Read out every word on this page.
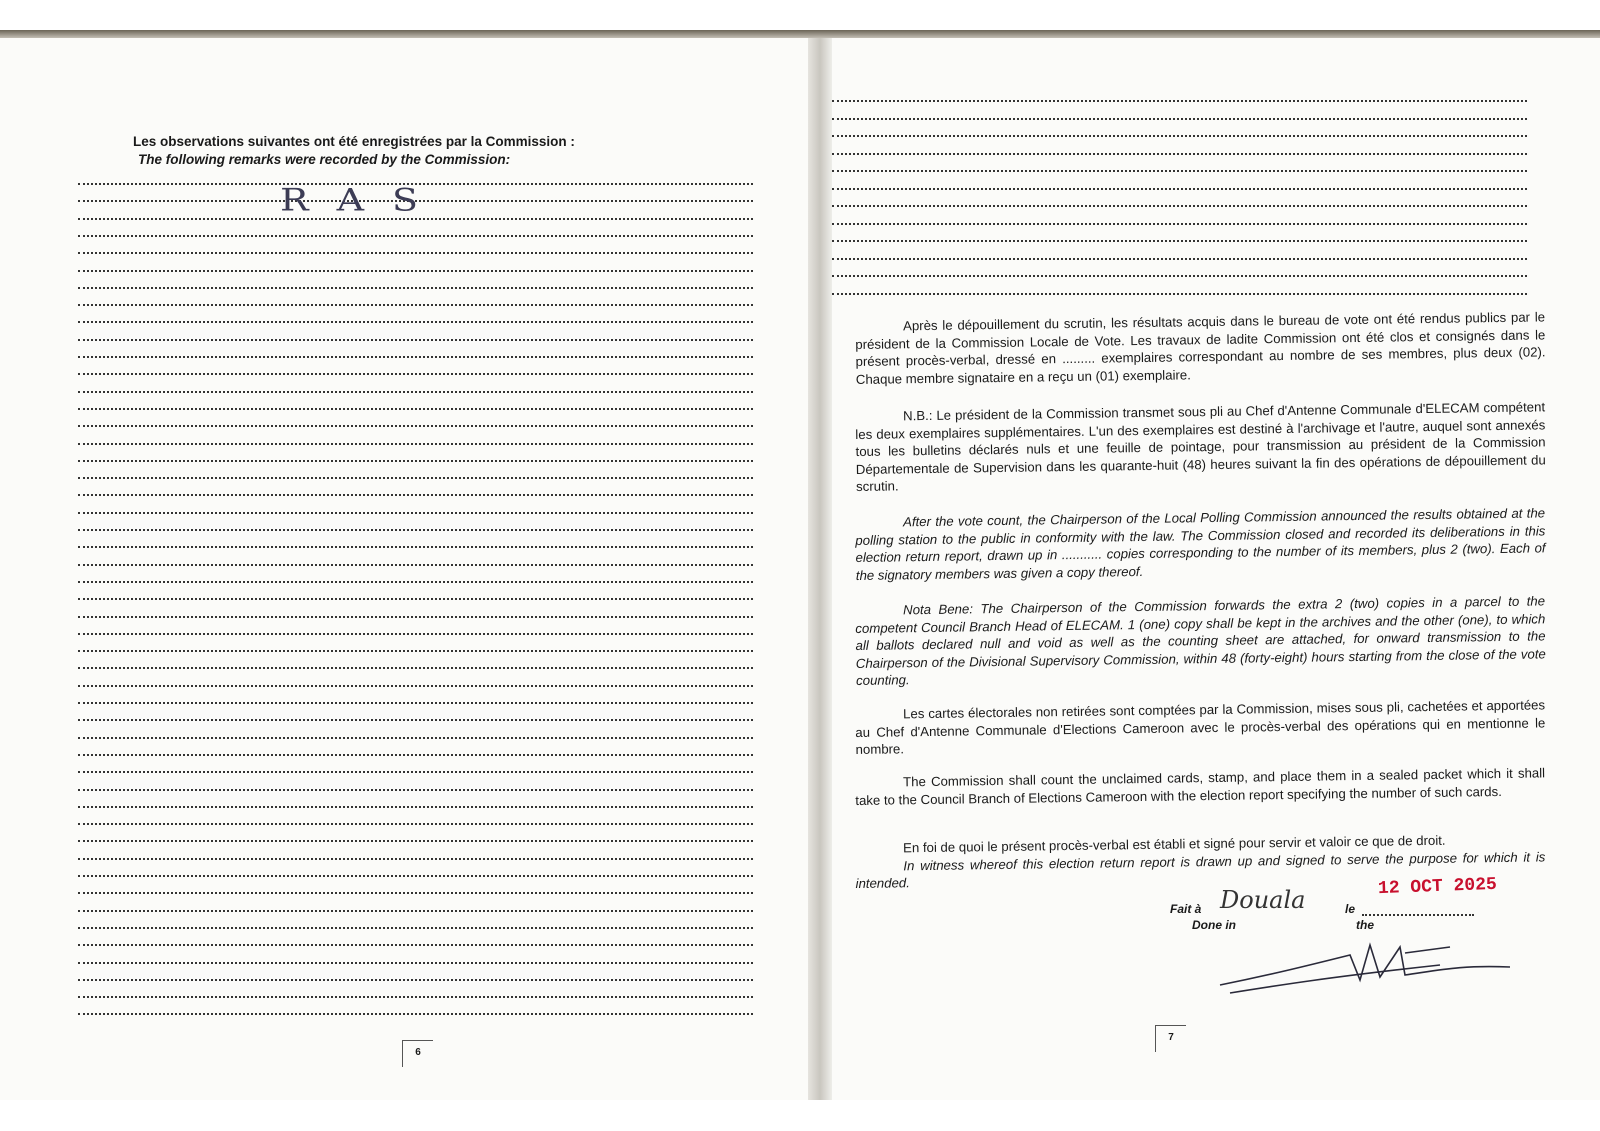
Les observations suivantes ont été enregistrées par la Commission :
The following remarks were recorded by the Commission:
RAS
6
Après le dépouillement du scrutin, les résultats acquis dans le bureau de vote ont été rendus publics par le président de la Commission Locale de Vote. Les travaux de ladite Commission ont été clos et consignés dans le présent procès-verbal, dressé en ......... exemplaires correspondant au nombre de ses membres, plus deux (02). Chaque membre signataire en a reçu un (01) exemplaire.
N.B.: Le président de la Commission transmet sous pli au Chef d'Antenne Communale d'ELECAM compétent les deux exemplaires supplémentaires. L'un des exemplaires est destiné à l'archivage et l'autre, auquel sont annexés tous les bulletins déclarés nuls et une feuille de pointage, pour transmission au président de la Commission Départementale de Supervision dans les quarante-huit (48) heures suivant la fin des opérations de dépouillement du scrutin.
After the vote count, the Chairperson of the Local Polling Commission announced the results obtained at the polling station to the public in conformity with the law. The Commission closed and recorded its deliberations in this election return report, drawn up in ........... copies corresponding to the number of its members, plus 2 (two). Each of the signatory members was given a copy thereof.
Nota Bene: The Chairperson of the Commission forwards the extra 2 (two) copies in a parcel to the competent Council Branch Head of ELECAM. 1 (one) copy shall be kept in the archives and the other (one), to which all ballots declared null and void as well as the counting sheet are attached, for onward transmission to the Chairperson of the Divisional Supervisory Commission, within 48 (forty-eight) hours starting from the close of the vote counting.
Les cartes électorales non retirées sont comptées par la Commission, mises sous pli, cachetées et apportées au Chef d'Antenne Communale d'Elections Cameroon avec le procès-verbal des opérations qui en mentionne le nombre.
The Commission shall count the unclaimed cards, stamp, and place them in a sealed packet which it shall take to the Council Branch of Elections Cameroon with the election report specifying the number of such cards.
En foi de quoi le présent procès-verbal est établi et signé pour servir et valoir ce que de droit.
In witness whereof this election return report is drawn up and signed to serve the purpose for which it is intended.
Fait à Douala	le
12 OCT 2025
Done in	the
7
